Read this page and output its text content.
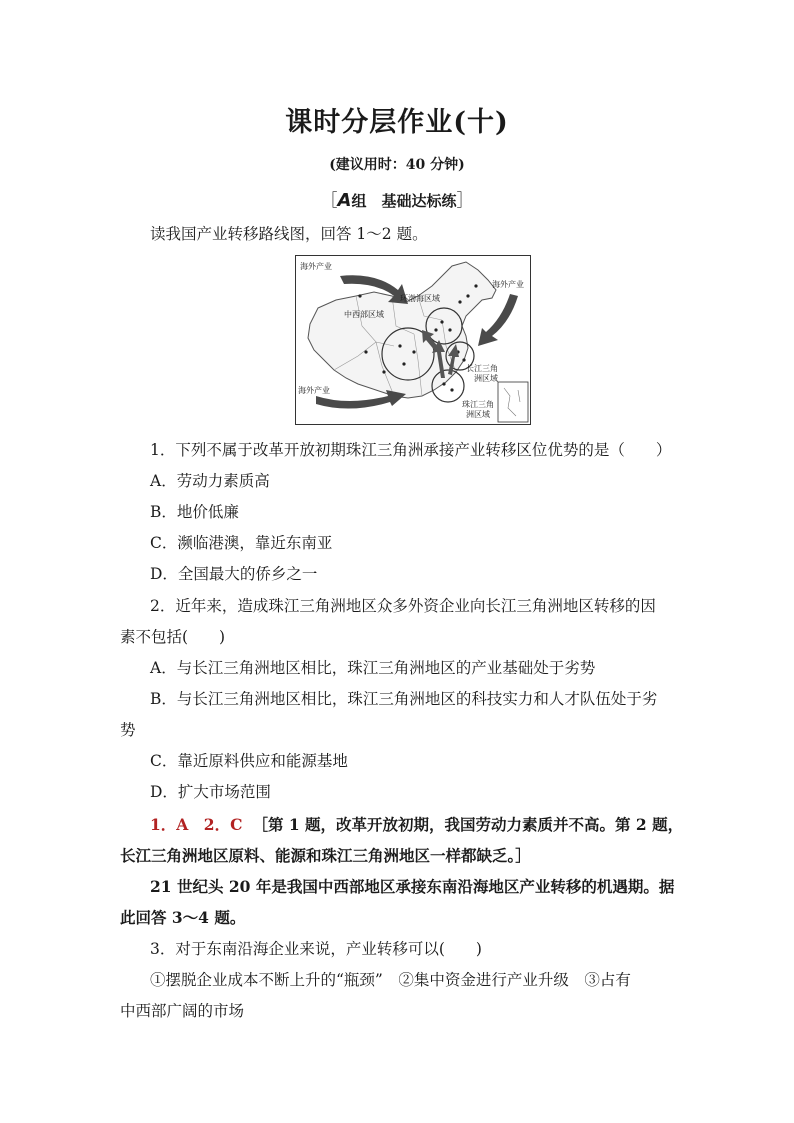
课时分层作业(十)
(建议用时：40 分钟)
［A组　基础达标练］
读我国产业转移路线图，回答 1～2 题。
海外产业
环渤海区域
海外产业
中西部区域
长江三角
洲区域
海外产业
珠江三角
洲区域
1．下列不属于改革开放初期珠江三角洲承接产业转移区位优势的是（　　）
A．劳动力素质高
B．地价低廉
C．濒临港澳，靠近东南亚
D．全国最大的侨乡之一
2．近年来，造成珠江三角洲地区众多外资企业向长江三角洲地区转移的因
素不包括(　　)
A．与长江三角洲地区相比，珠江三角洲地区的产业基础处于劣势
B．与长江三角洲地区相比，珠江三角洲地区的科技实力和人才队伍处于劣
势
C．靠近原料供应和能源基地
D．扩大市场范围
1．A　2．C ［第 1 题，改革开放初期，我国劳动力素质并不高。第 2 题，
长江三角洲地区原料、能源和珠江三角洲地区一样都缺乏。］
21 世纪头 20 年是我国中西部地区承接东南沿海地区产业转移的机遇期。据
此回答 3～4 题。
3．对于东南沿海企业来说，产业转移可以(　　)
①摆脱企业成本不断上升的“瓶颈”　②集中资金进行产业升级　③占有
中西部广阔的市场
